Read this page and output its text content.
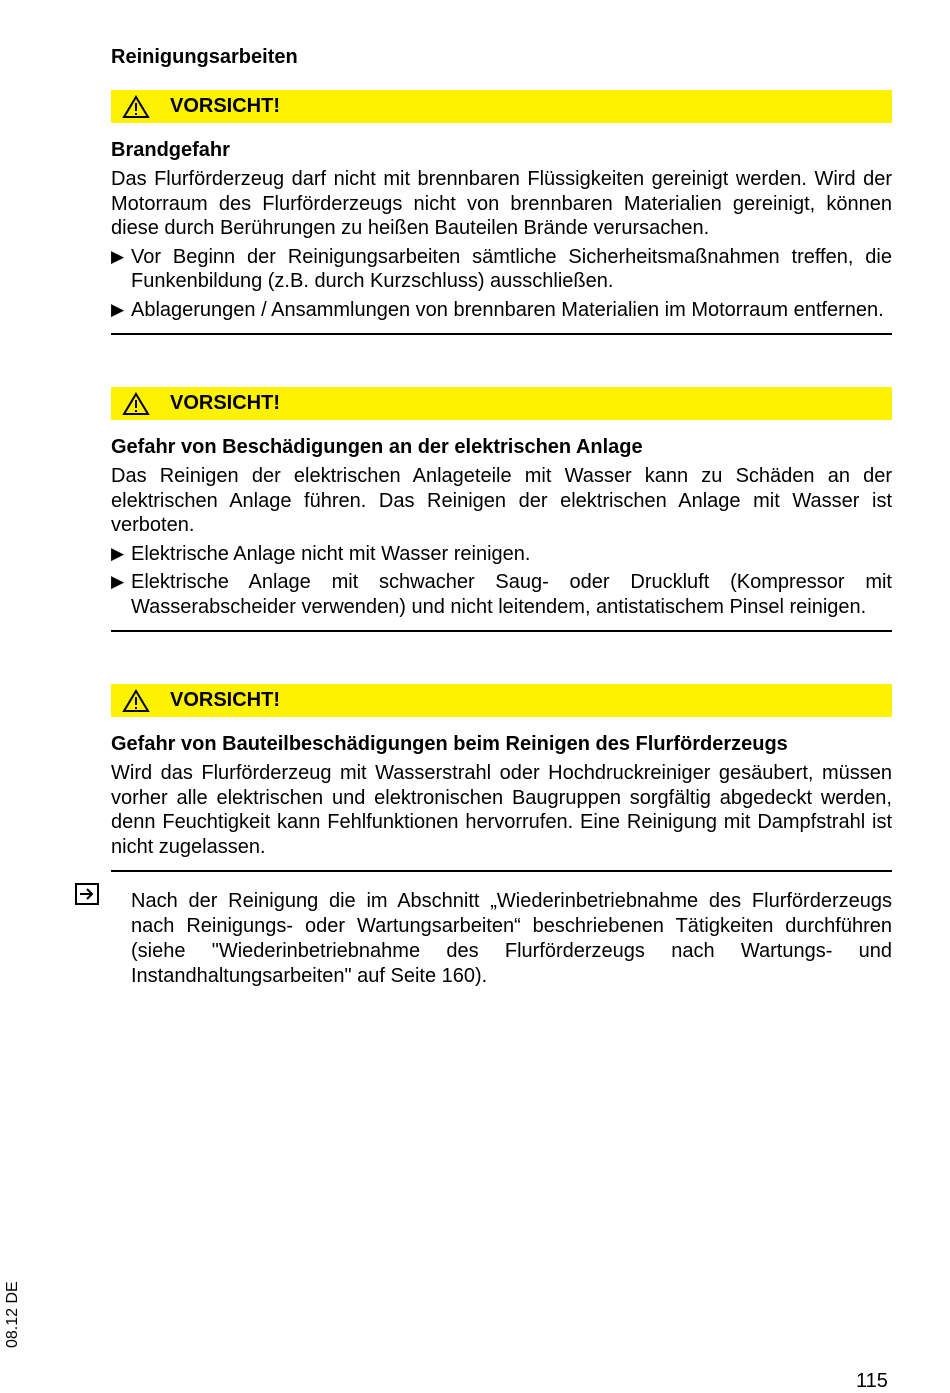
Reinigungsarbeiten
VORSICHT!
Brandgefahr
Das Flurförderzeug darf nicht mit brennbaren Flüssigkeiten gereinigt werden. Wird der Motorraum des Flurförderzeugs nicht von brennbaren Materialien gereinigt, können diese durch Berührungen zu heißen Bauteilen Brände verursachen.
▶ Vor Beginn der Reinigungsarbeiten sämtliche Sicherheitsmaßnahmen treffen, die Funkenbildung (z.B. durch Kurzschluss) ausschließen.
▶ Ablagerungen / Ansammlungen von brennbaren Materialien im Motorraum entfernen.
VORSICHT!
Gefahr von Beschädigungen an der elektrischen Anlage
Das Reinigen der elektrischen Anlageteile mit Wasser kann zu Schäden an der elektrischen Anlage führen. Das Reinigen der elektrischen Anlage mit Wasser ist verboten.
▶ Elektrische Anlage nicht mit Wasser reinigen.
▶ Elektrische Anlage mit schwacher Saug- oder Druckluft (Kompressor mit Wasserabscheider verwenden) und nicht leitendem, antistatischem Pinsel reinigen.
VORSICHT!
Gefahr von Bauteilbeschädigungen beim Reinigen des Flurförderzeugs
Wird das Flurförderzeug mit Wasserstrahl oder Hochdruckreiniger gesäubert, müssen vorher alle elektrischen und elektronischen Baugruppen sorgfältig abgedeckt werden, denn Feuchtigkeit kann Fehlfunktionen hervorrufen. Eine Reinigung mit Dampfstrahl ist nicht zugelassen.
Nach der Reinigung die im Abschnitt „Wiederinbetriebnahme des Flurförderzeugs nach Reinigungs- oder Wartungsarbeiten“ beschriebenen Tätigkeiten durchführen (siehe "Wiederinbetriebnahme des Flurförderzeugs nach Wartungs- und Instandhaltungsarbeiten" auf Seite 160).
08.12 DE
115
